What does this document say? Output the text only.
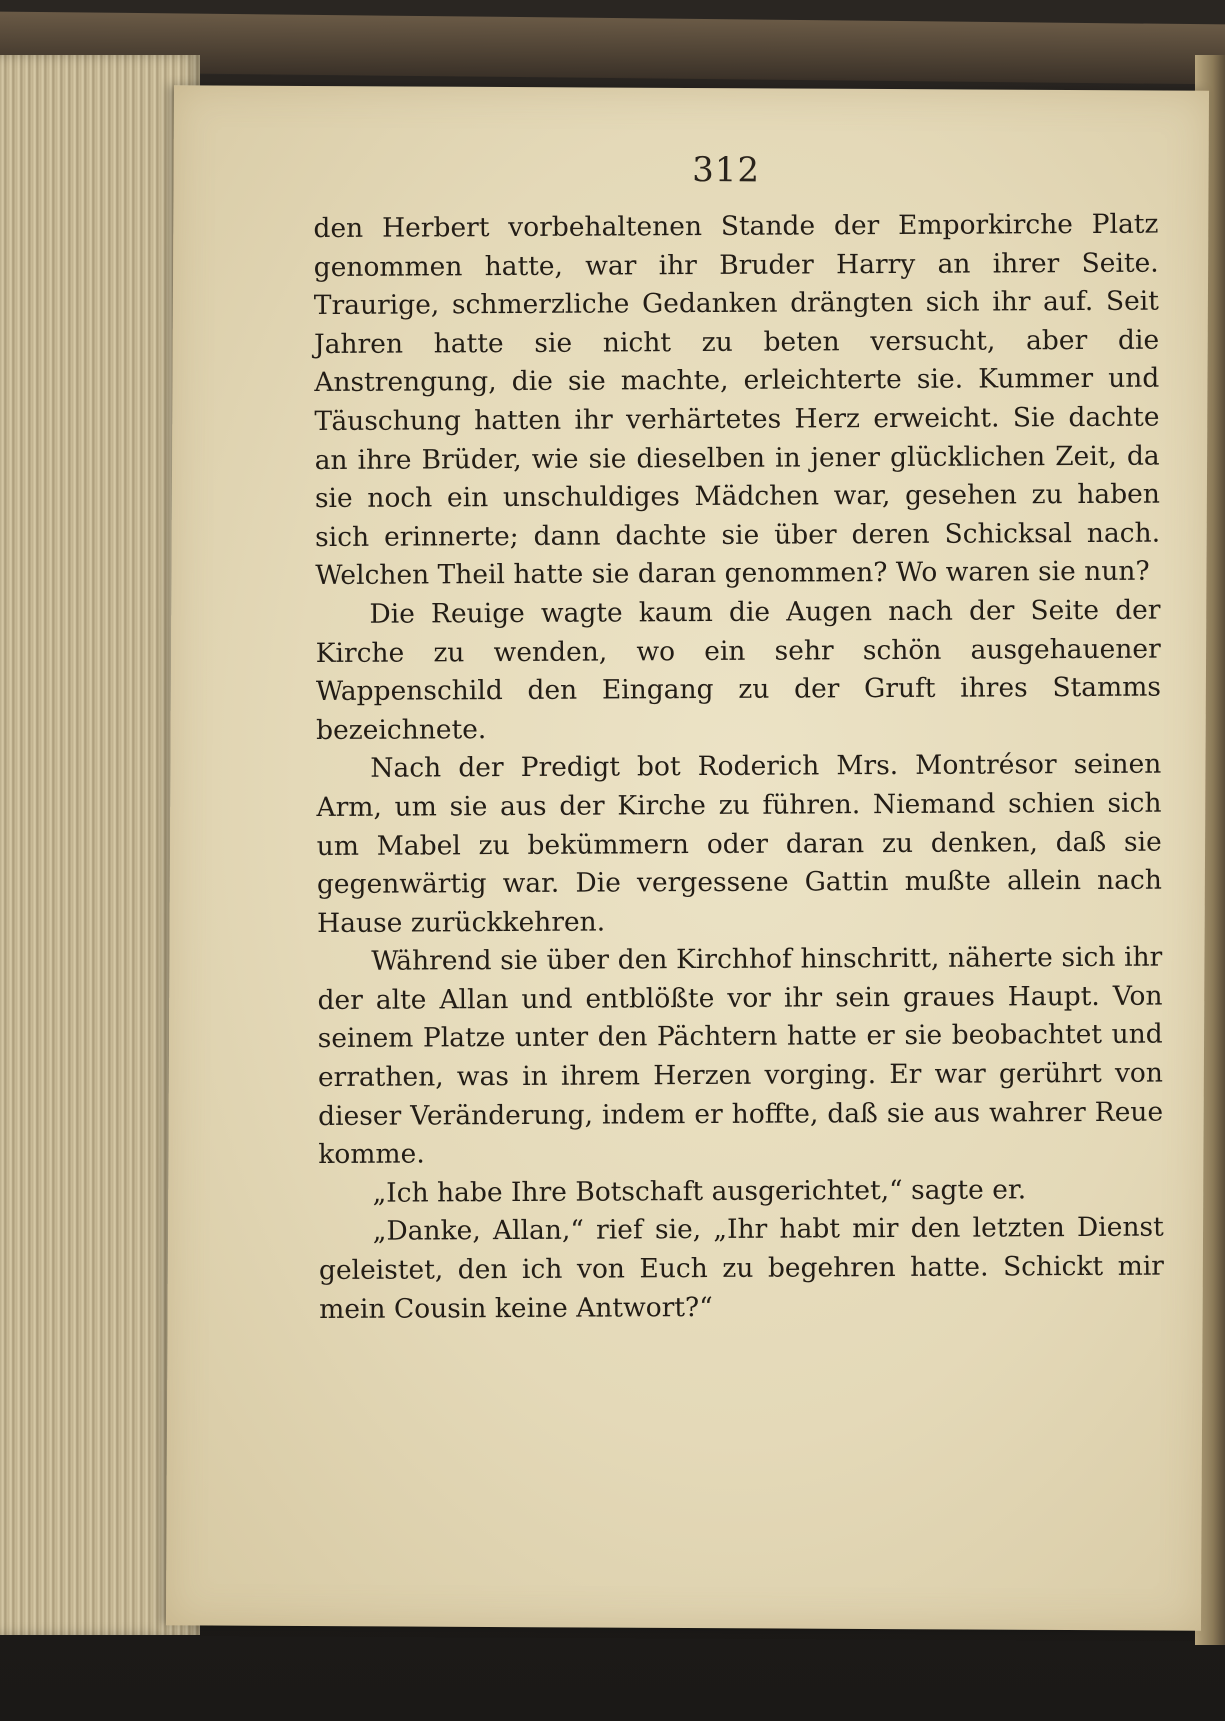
312

den Herbert vorbehaltenen Stande der Emporkirche Platz genommen hatte, war ihr Bruder Harry an ihrer Seite. Traurige, schmerzliche Gedanken drängten sich ihr auf. Seit Jahren hatte sie nicht zu beten versucht, aber die Anstrengung, die sie machte, erleichterte sie. Kummer und Täuschung hatten ihr verhärtetes Herz erweicht. Sie dachte an ihre Brüder, wie sie dieselben in jener glücklichen Zeit, da sie noch ein unschuldiges Mädchen war, gesehen zu haben sich erinnerte; dann dachte sie über deren Schicksal nach. Welchen Theil hatte sie daran genommen? Wo waren sie nun?

Die Reuige wagte kaum die Augen nach der Seite der Kirche zu wenden, wo ein sehr schön ausgehauener Wappenschild den Eingang zu der Gruft ihres Stamms bezeichnete.

Nach der Predigt bot Roderich Mrs. Montrésor seinen Arm, um sie aus der Kirche zu führen. Niemand schien sich um Mabel zu bekümmern oder daran zu denken, daß sie gegenwärtig war. Die vergessene Gattin mußte allein nach Hause zurückkehren.

Während sie über den Kirchhof hinschritt, näherte sich ihr der alte Allan und entblößte vor ihr sein graues Haupt. Von seinem Platze unter den Pächtern hatte er sie beobachtet und errathen, was in ihrem Herzen vorging. Er war gerührt von dieser Veränderung, indem er hoffte, daß sie aus wahrer Reue komme.

„Ich habe Ihre Botschaft ausgerichtet,“ sagte er.

„Danke, Allan,“ rief sie, „Ihr habt mir den letzten Dienst geleistet, den ich von Euch zu begehren hatte. Schickt mir mein Cousin keine Antwort?“
